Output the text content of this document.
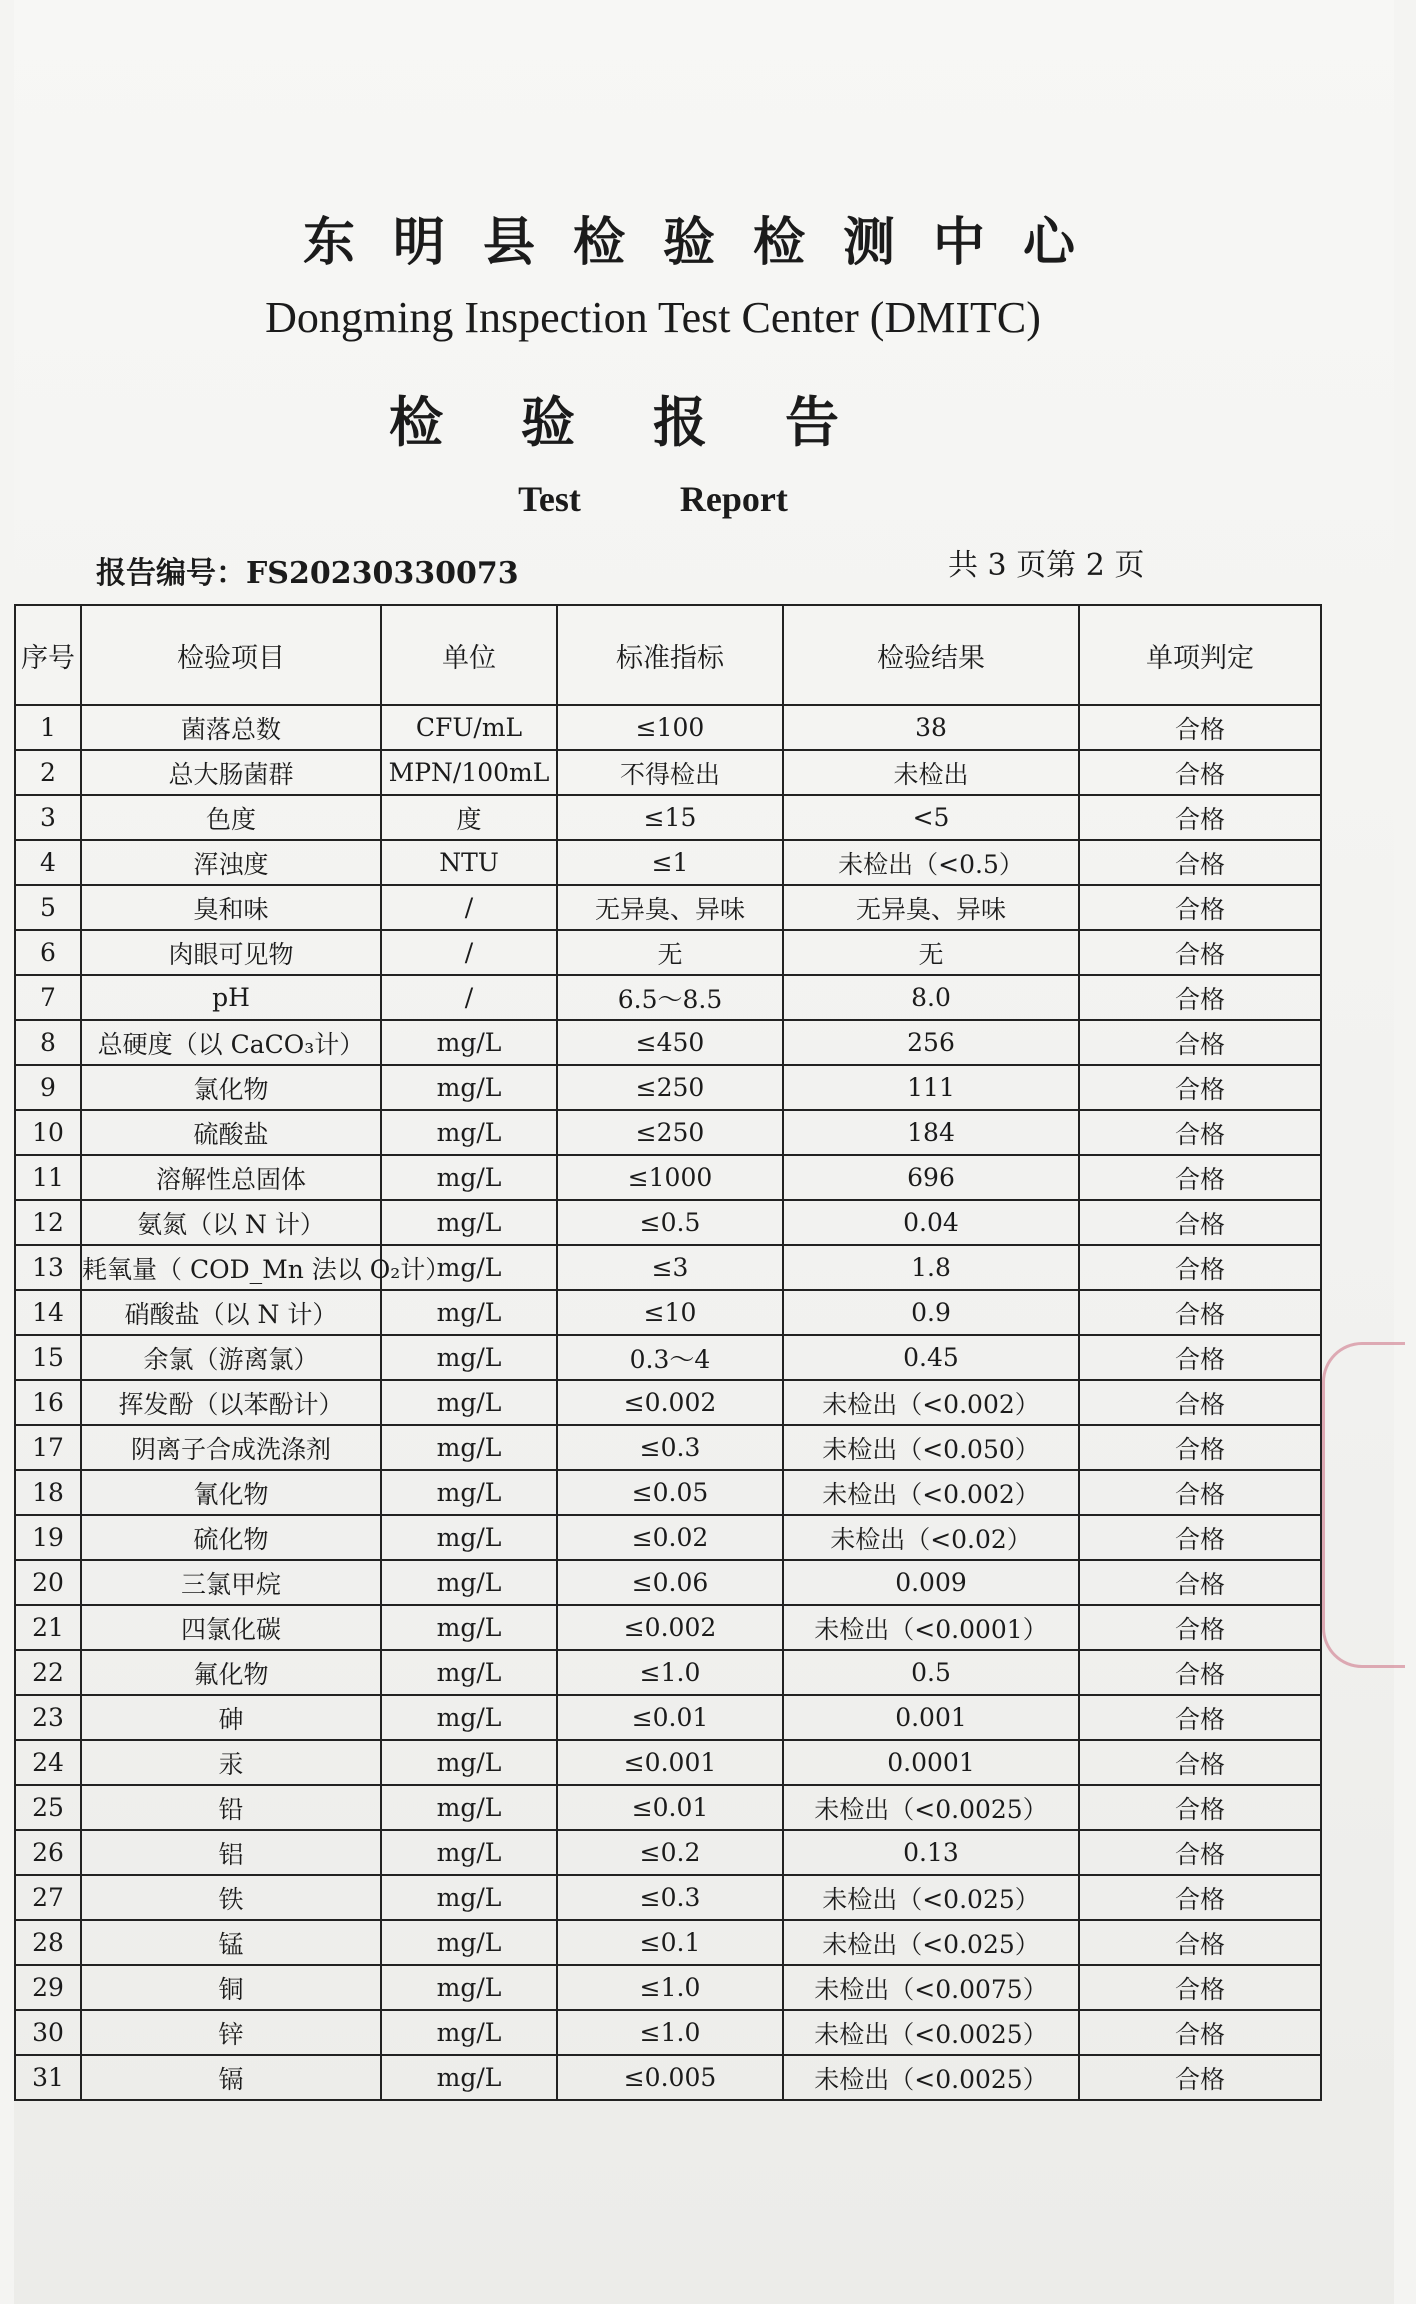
东明县检验检测中心
Dongming Inspection Test Center (DMITC)
检验报告
Test Report
报告编号：FS20230330073	共 3 页第 2 页
序号	检验项目	单位	标准指标	检验结果	单项判定
1	菌落总数	CFU/mL	≤100	38	合格
2	总大肠菌群	MPN/100mL	不得检出	未检出	合格
3	色度	度	≤15	<5	合格
4	浑浊度	NTU	≤1	未检出（<0.5）	合格
5	臭和味	/	无异臭、异味	无异臭、异味	合格
6	肉眼可见物	/	无	无	合格
7	pH	/	6.5～8.5	8.0	合格
8	总硬度（以 CaCO₃计）	mg/L	≤450	256	合格
9	氯化物	mg/L	≤250	111	合格
10	硫酸盐	mg/L	≤250	184	合格
11	溶解性总固体	mg/L	≤1000	696	合格
12	氨氮（以 N 计）	mg/L	≤0.5	0.04	合格
13	耗氧量（ COD_Mn 法以 O₂计）	mg/L	≤3	1.8	合格
14	硝酸盐（以 N 计）	mg/L	≤10	0.9	合格
15	余氯（游离氯）	mg/L	0.3～4	0.45	合格
16	挥发酚（以苯酚计）	mg/L	≤0.002	未检出（<0.002）	合格
17	阴离子合成洗涤剂	mg/L	≤0.3	未检出（<0.050）	合格
18	氰化物	mg/L	≤0.05	未检出（<0.002）	合格
19	硫化物	mg/L	≤0.02	未检出（<0.02）	合格
20	三氯甲烷	mg/L	≤0.06	0.009	合格
21	四氯化碳	mg/L	≤0.002	未检出（<0.0001）	合格
22	氟化物	mg/L	≤1.0	0.5	合格
23	砷	mg/L	≤0.01	0.001	合格
24	汞	mg/L	≤0.001	0.0001	合格
25	铅	mg/L	≤0.01	未检出（<0.0025）	合格
26	铝	mg/L	≤0.2	0.13	合格
27	铁	mg/L	≤0.3	未检出（<0.025）	合格
28	锰	mg/L	≤0.1	未检出（<0.025）	合格
29	铜	mg/L	≤1.0	未检出（<0.0075）	合格
30	锌	mg/L	≤1.0	未检出（<0.0025）	合格
31	镉	mg/L	≤0.005	未检出（<0.0025）	合格
